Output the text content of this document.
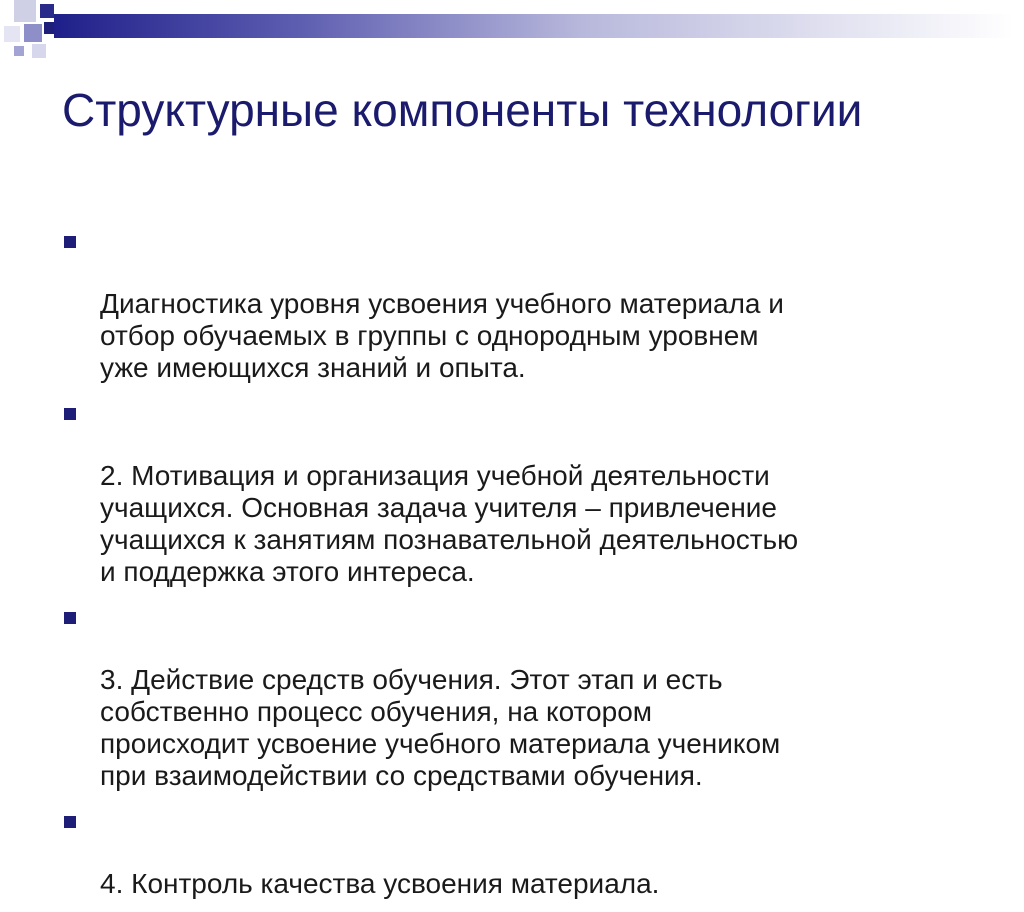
Структурные компоненты технологии

Диагностика уровня усвоения учебного материала и
отбор обучаемых в группы с однородным уровнем
уже имеющихся знаний и опыта.

2. Мотивация и организация учебной деятельности
учащихся. Основная задача учителя – привлечение
учащихся к занятиям познавательной деятельностью
и поддержка этого интереса.

3. Действие средств обучения. Этот этап и есть
собственно процесс обучения, на котором
происходит усвоение учебного материала учеником
при взаимодействии со средствами обучения.

4. Контроль качества усвоения материала.
